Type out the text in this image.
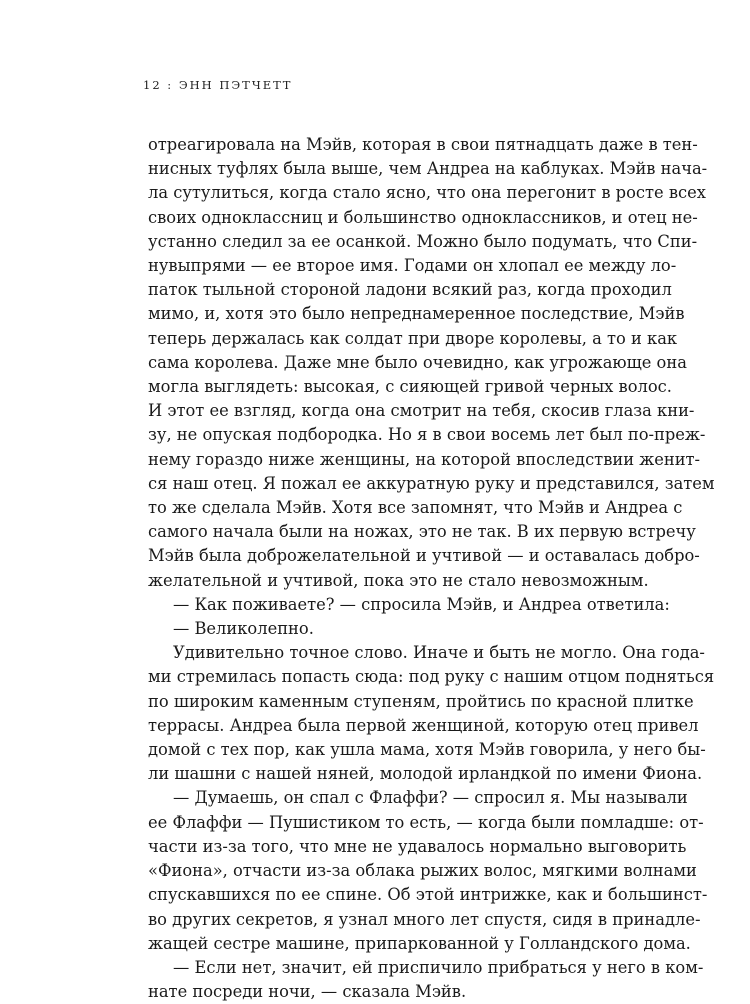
12 : ЭНН ПЭТЧЕТТ
отреагировала на Мэйв, которая в свои пятнадцать даже в тен-
нисных туфлях была выше, чем Андреа на каблуках. Мэйв нача-
ла сутулиться, когда стало ясно, что она перегонит в росте всех
своих одноклассниц и большинство одноклассников, и отец не-
устанно следил за ее осанкой. Можно было подумать, что Спи-
нувыпрями — ее второе имя. Годами он хлопал ее между ло-
паток тыльной стороной ладони всякий раз, когда проходил
мимо, и, хотя это было непреднамеренное последствие, Мэйв
теперь держалась как солдат при дворе королевы, а то и как
сама королева. Даже мне было очевидно, как угрожающе она
могла выглядеть: высокая, с сияющей гривой черных волос.
И этот ее взгляд, когда она смотрит на тебя, скосив глаза кни-
зу, не опуская подбородка. Но я в свои восемь лет был по-преж-
нему гораздо ниже женщины, на которой впоследствии женит-
ся наш отец. Я пожал ее аккуратную руку и представился, затем
то же сделала Мэйв. Хотя все запомнят, что Мэйв и Андреа с
самого начала были на ножах, это не так. В их первую встречу
Мэйв была доброжелательной и учтивой — и оставалась добро-
желательной и учтивой, пока это не стало невозможным.
— Как поживаете? — спросила Мэйв, и Андреа ответила:
— Великолепно.
Удивительно точное слово. Иначе и быть не могло. Она года-
ми стремилась попасть сюда: под руку с нашим отцом подняться
по широким каменным ступеням, пройтись по красной плитке
террасы. Андреа была первой женщиной, которую отец привел
домой с тех пор, как ушла мама, хотя Мэйв говорила, у него бы-
ли шашни с нашей няней, молодой ирландкой по имени Фиона.
— Думаешь, он спал с Флаффи? — спросил я. Мы называли
ее Флаффи — Пушистиком то есть, — когда были помладше: от-
части из-за того, что мне не удавалось нормально выговорить
«Фиона», отчасти из-за облака рыжих волос, мягкими волнами
спускавшихся по ее спине. Об этой интрижке, как и большинст-
во других секретов, я узнал много лет спустя, сидя в принадле-
жащей сестре машине, припаркованной у Голландского дома.
— Если нет, значит, ей приспичило прибраться у него в ком-
нате посреди ночи, — сказала Мэйв.
